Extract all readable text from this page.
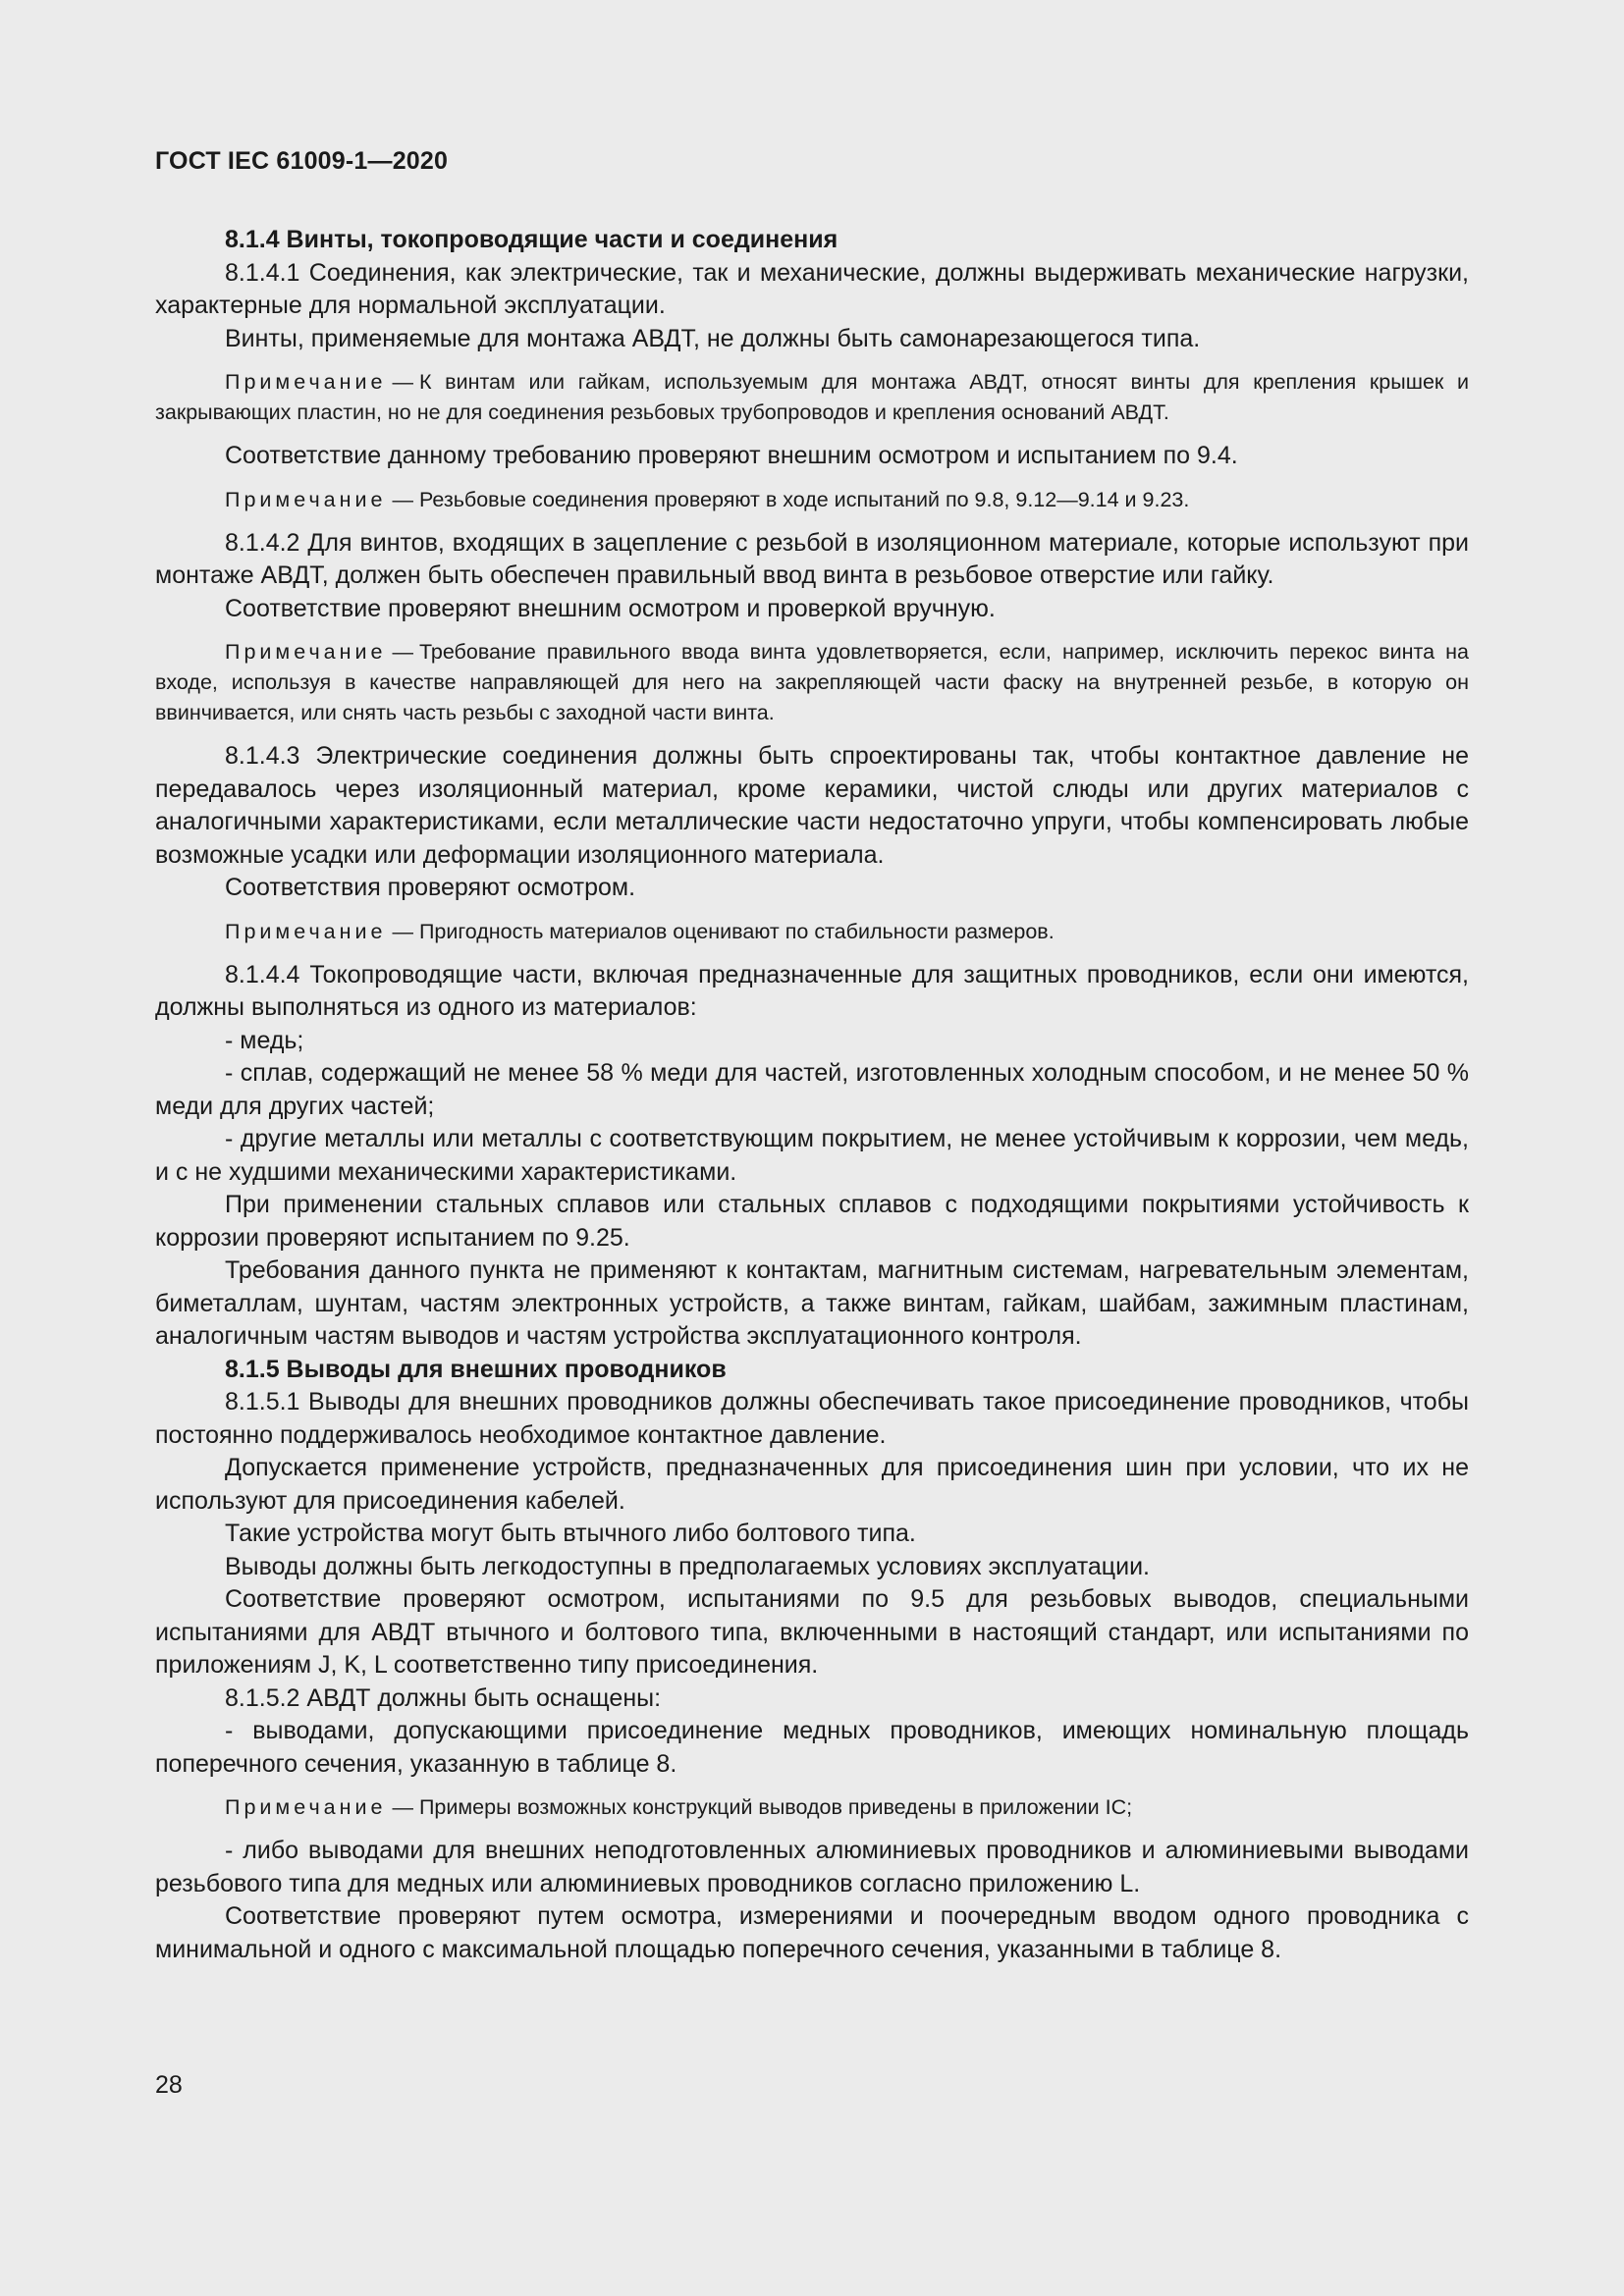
ГОСТ IEC 61009-1—2020

8.1.4 Винты, токопроводящие части и соединения

8.1.4.1 Соединения, как электрические, так и механические, должны выдерживать механические нагрузки, характерные для нормальной эксплуатации.

Винты, применяемые для монтажа АВДТ, не должны быть самонарезающегося типа.

Примечание — К винтам или гайкам, используемым для монтажа АВДТ, относят винты для крепления крышек и закрывающих пластин, но не для соединения резьбовых трубопроводов и крепления оснований АВДТ.

Соответствие данному требованию проверяют внешним осмотром и испытанием по 9.4.

Примечание — Резьбовые соединения проверяют в ходе испытаний по 9.8, 9.12—9.14 и 9.23.

8.1.4.2 Для винтов, входящих в зацепление с резьбой в изоляционном материале, которые используют при монтаже АВДТ, должен быть обеспечен правильный ввод винта в резьбовое отверстие или гайку.

Соответствие проверяют внешним осмотром и проверкой вручную.

Примечание — Требование правильного ввода винта удовлетворяется, если, например, исключить перекос винта на входе, используя в качестве направляющей для него на закрепляющей части фаску на внутренней резьбе, в которую он ввинчивается, или снять часть резьбы с заходной части винта.

8.1.4.3 Электрические соединения должны быть спроектированы так, чтобы контактное давление не передавалось через изоляционный материал, кроме керамики, чистой слюды или других материалов с аналогичными характеристиками, если металлические части недостаточно упруги, чтобы компенсировать любые возможные усадки или деформации изоляционного материала.

Соответствия проверяют осмотром.

Примечание — Пригодность материалов оценивают по стабильности размеров.

8.1.4.4 Токопроводящие части, включая предназначенные для защитных проводников, если они имеются, должны выполняться из одного из материалов:

- медь;

- сплав, содержащий не менее 58 % меди для частей, изготовленных холодным способом, и не менее 50 % меди для других частей;

- другие металлы или металлы с соответствующим покрытием, не менее устойчивым к коррозии, чем медь, и с не худшими механическими характеристиками.

При применении стальных сплавов или стальных сплавов с подходящими покрытиями устойчивость к коррозии проверяют испытанием по 9.25.

Требования данного пункта не применяют к контактам, магнитным системам, нагревательным элементам, биметаллам, шунтам, частям электронных устройств, а также винтам, гайкам, шайбам, зажимным пластинам, аналогичным частям выводов и частям устройства эксплуатационного контроля.

8.1.5 Выводы для внешних проводников

8.1.5.1 Выводы для внешних проводников должны обеспечивать такое присоединение проводников, чтобы постоянно поддерживалось необходимое контактное давление.

Допускается применение устройств, предназначенных для присоединения шин при условии, что их не используют для присоединения кабелей.

Такие устройства могут быть втычного либо болтового типа.

Выводы должны быть легкодоступны в предполагаемых условиях эксплуатации.

Соответствие проверяют осмотром, испытаниями по 9.5 для резьбовых выводов, специальными испытаниями для АВДТ втычного и болтового типа, включенными в настоящий стандарт, или испытаниями по приложениям J, K, L соответственно типу присоединения.

8.1.5.2 АВДТ должны быть оснащены:

- выводами, допускающими присоединение медных проводников, имеющих номинальную площадь поперечного сечения, указанную в таблице 8.

Примечание — Примеры возможных конструкций выводов приведены в приложении IC;

- либо выводами для внешних неподготовленных алюминиевых проводников и алюминиевыми выводами резьбового типа для медных или алюминиевых проводников согласно приложению L.

Соответствие проверяют путем осмотра, измерениями и поочередным вводом одного проводника с минимальной и одного с максимальной площадью поперечного сечения, указанными в таблице 8.

28
